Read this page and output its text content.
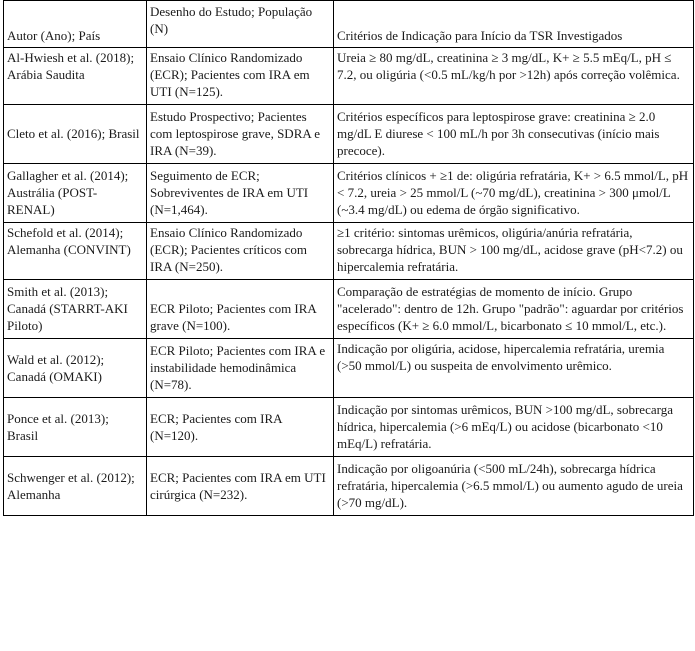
Autor (Ano); País	Desenho do Estudo; População (N)	Critérios de Indicação para Início da TSR Investigados
Al-Hwiesh et al. (2018); Arábia Saudita	Ensaio Clínico Randomizado (ECR); Pacientes com IRA em UTI (N=125).	Ureia ≥ 80 mg/dL, creatinina ≥ 3 mg/dL, K+ ≥ 5.5 mEq/L, pH ≤ 7.2, ou oligúria (<0.5 mL/kg/h por >12h) após correção volêmica.
Cleto et al. (2016); Brasil	Estudo Prospectivo; Pacientes com leptospirose grave, SDRA e IRA (N=39).	Critérios específicos para leptospirose grave: creatinina ≥ 2.0 mg/dL E diurese < 100 mL/h por 3h consecutivas (início mais precoce).
Gallagher et al. (2014); Austrália (POST-RENAL)	Seguimento de ECR; Sobreviventes de IRA em UTI (N=1,464).	Critérios clínicos + ≥1 de: oligúria refratária, K+ > 6.5 mmol/L, pH < 7.2, ureia > 25 mmol/L (~70 mg/dL), creatinina > 300 μmol/L (~3.4 mg/dL) ou edema de órgão significativo.
Schefold et al. (2014); Alemanha (CONVINT)	Ensaio Clínico Randomizado (ECR); Pacientes críticos com IRA (N=250).	≥1 critério: sintomas urêmicos, oligúria/anúria refratária, sobrecarga hídrica, BUN > 100 mg/dL, acidose grave (pH<7.2) ou hipercalemia refratária.
Smith et al. (2013); Canadá (STARRT-AKI Piloto)	ECR Piloto; Pacientes com IRA grave (N=100).	Comparação de estratégias de momento de início. Grupo "acelerado": dentro de 12h. Grupo "padrão": aguardar por critérios específicos (K+ ≥ 6.0 mmol/L, bicarbonato ≤ 10 mmol/L, etc.).
Wald et al. (2012); Canadá (OMAKI)	ECR Piloto; Pacientes com IRA e instabilidade hemodinâmica (N=78).	Indicação por oligúria, acidose, hipercalemia refratária, uremia (>50 mmol/L) ou suspeita de envolvimento urêmico.
Ponce et al. (2013); Brasil	ECR; Pacientes com IRA (N=120).	Indicação por sintomas urêmicos, BUN >100 mg/dL, sobrecarga hídrica, hipercalemia (>6 mEq/L) ou acidose (bicarbonato <10 mEq/L) refratária.
Schwenger et al. (2012); Alemanha	ECR; Pacientes com IRA em UTI cirúrgica (N=232).	Indicação por oligoanúria (<500 mL/24h), sobrecarga hídrica refratária, hipercalemia (>6.5 mmol/L) ou aumento agudo de ureia (>70 mg/dL).
